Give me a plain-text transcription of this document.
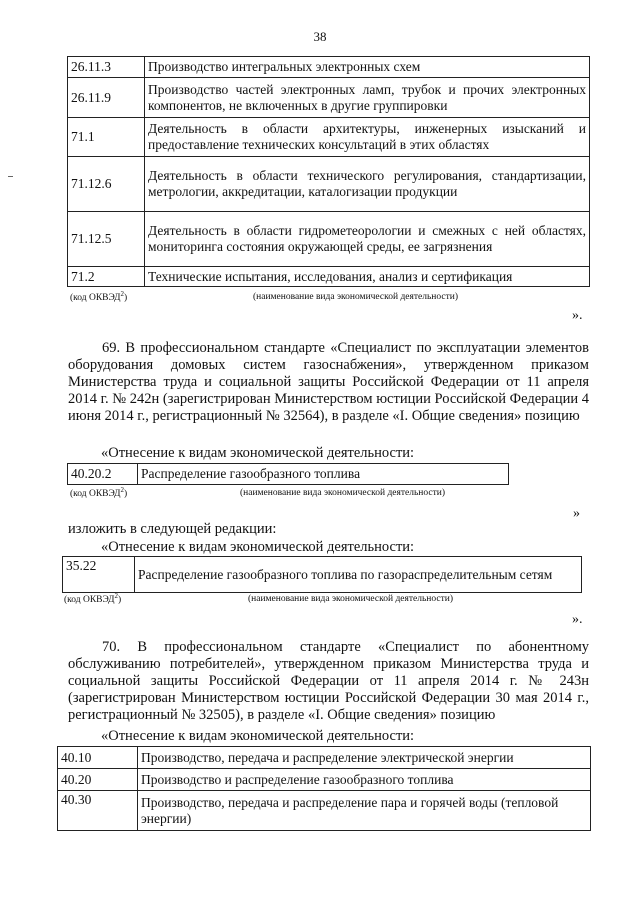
38
26.11.3	Производство интегральных электронных схем
26.11.9	Производство частей электронных ламп, трубок и прочих электронных компонентов, не включенных в другие группировки
71.1	Деятельность в области архитектуры, инженерных изысканий и предоставление технических консультаций в этих областях
71.12.6	Деятельность в области технического регулирования, стандартизации, метрологии, аккредитации, каталогизации продукции
71.12.5	Деятельность в области гидрометеорологии и смежных с ней областях, мониторинга состояния окружающей среды, ее загрязнения
71.2	Технические испытания, исследования, анализ и сертификация
(код ОКВЭД$^2$)	(наименование вида экономической деятельности)
».
69. В профессиональном стандарте «Специалист по эксплуатации элементов оборудования домовых систем газоснабжения», утвержденном приказом Министерства труда и социальной защиты Российской Федерации от 11 апреля 2014 г. № 242н (зарегистрирован Министерством юстиции Российской Федерации 4 июня 2014 г., регистрационный № 32564), в разделе «I. Общие сведения» позицию
«Отнесение к видам экономической деятельности:
40.20.2	Распределение газообразного топлива
(код ОКВЭД$^2$)	(наименование вида экономической деятельности)
»
изложить в следующей редакции:
«Отнесение к видам экономической деятельности:
35.22	Распределение газообразного топлива по газораспределительным сетям
(код ОКВЭД$^2$)	(наименование вида экономической деятельности)
».
70. В профессиональном стандарте «Специалист по абонентному обслуживанию потребителей», утвержденном приказом Министерства труда и социальной защиты Российской Федерации от 11 апреля 2014 г. № 243н (зарегистрирован Министерством юстиции Российской Федерации 30 мая 2014 г., регистрационный № 32505), в разделе «I. Общие сведения» позицию
«Отнесение к видам экономической деятельности:
40.10	Производство, передача и распределение электрической энергии
40.20	Производство и распределение газообразного топлива
40.30	Производство, передача и распределение пара и горячей воды (тепловой энергии)
